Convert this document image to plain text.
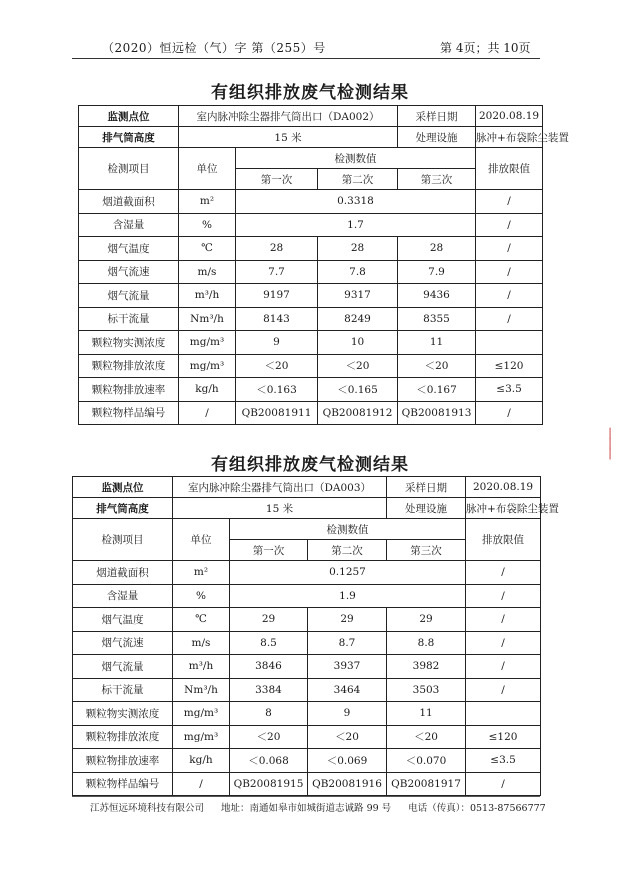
（2020）恒远检（气）字 第（255）号	第 4页；共 10页
有组织排放废气检测结果
监测点位	室内脉冲除尘器排气筒出口（DA002）			采样日期	2020.08.19
排气筒高度	15 米			处理设施	脉冲+布袋除尘装置
检测项目	单位	检测数值			排放限值
		第一次	第二次	第三次	
烟道截面积	m²	0.3318			/
含湿量	%	1.7			/
烟气温度	℃	28	28	28	/
烟气流速	m/s	7.7	7.8	7.9	/
烟气流量	m³/h	9197	9317	9436	/
标干流量	Nm³/h	8143	8249	8355	/
颗粒物实测浓度	mg/m³	9	10	11	
颗粒物排放浓度	mg/m³	＜20	＜20	＜20	≤120
颗粒物排放速率	kg/h	＜0.163	＜0.165	＜0.167	≤3.5
颗粒物样品编号	/	QB20081911	QB20081912	QB20081913	/
有组织排放废气检测结果
监测点位	室内脉冲除尘器排气筒出口（DA003）			采样日期	2020.08.19
排气筒高度	15 米			处理设施	脉冲+布袋除尘装置
检测项目	单位	检测数值			排放限值
		第一次	第二次	第三次	
烟道截面积	m²	0.1257			/
含湿量	%	1.9			/
烟气温度	℃	29	29	29	/
烟气流速	m/s	8.5	8.7	8.8	/
烟气流量	m³/h	3846	3937	3982	/
标干流量	Nm³/h	3384	3464	3503	/
颗粒物实测浓度	mg/m³	8	9	11	
颗粒物排放浓度	mg/m³	＜20	＜20	＜20	≤120
颗粒物排放速率	kg/h	＜0.068	＜0.069	＜0.070	≤3.5
颗粒物样品编号	/	QB20081915	QB20081916	QB20081917	/
江苏恒远环境科技有限公司 地址：南通如皋市如城街道志诚路 99 号 电话（传真）：0513-87566777
┃
┃
┃
